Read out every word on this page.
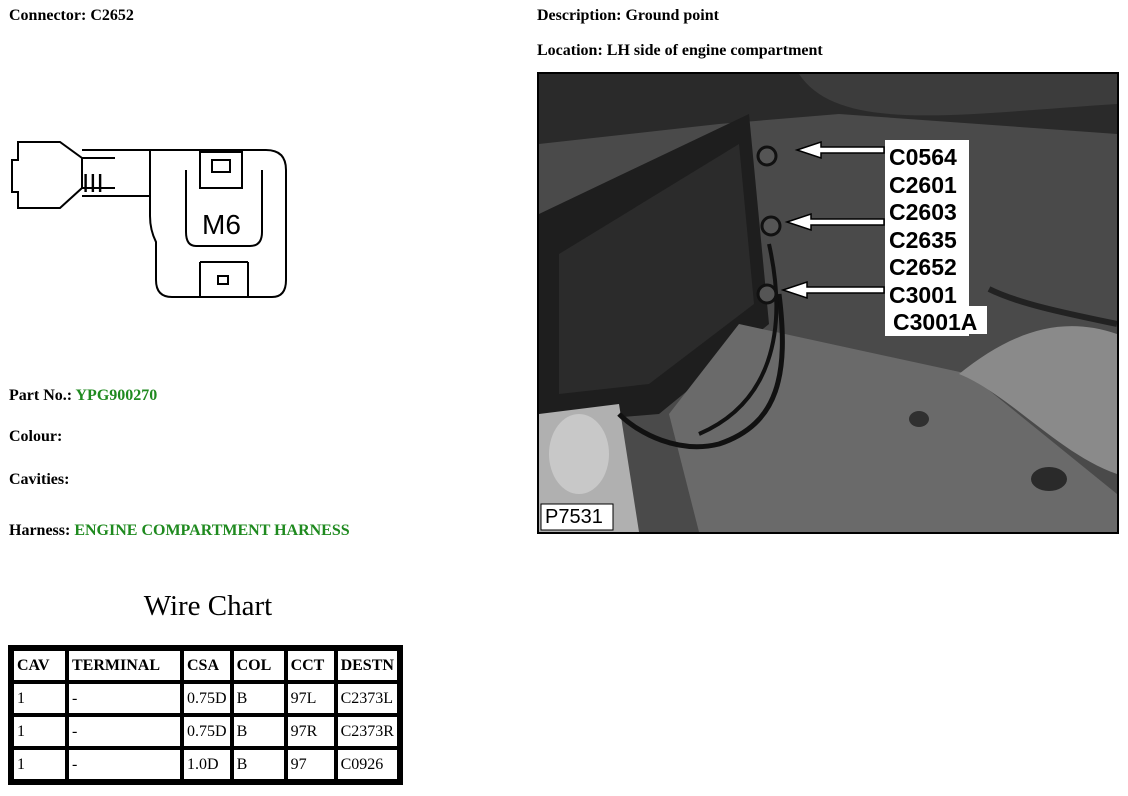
Connector: C2652	Description: Ground point
Location: LH side of engine compartment
III
M6
Part No.: YPG900270
Colour:
Cavities:
Harness: ENGINE COMPARTMENT HARNESS
C0564
C2601
C2603
C2635
C2652
C3001
C3001A
P7531
Wire Chart
CAV	TERMINAL	CSA	COL	CCT	DESTN
1	-	0.75D	B	97L	C2373L
1	-	0.75D	B	97R	C2373R
1	-	1.0D	B	97	C0926
